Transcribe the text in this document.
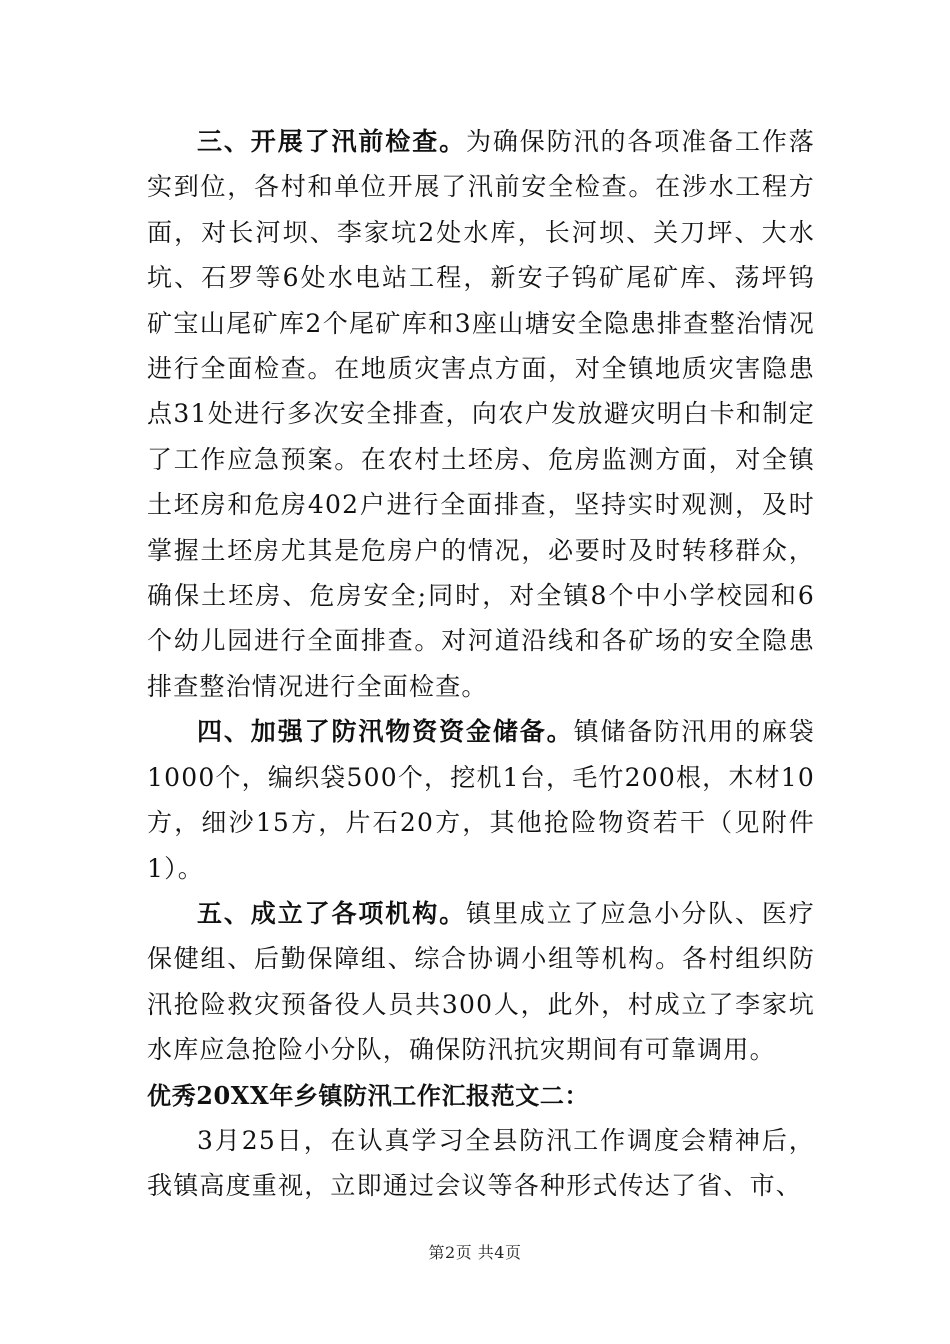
三、开展了汛前检查。为确保防汛的各项准备工作落实到位，各村和单位开展了汛前安全检查。在涉水工程方面，对长河坝、李家坑2处水库，长河坝、关刀坪、大水坑、石罗等6处水电站工程，新安子钨矿尾矿库、荡坪钨矿宝山尾矿库2个尾矿库和3座山塘安全隐患排查整治情况进行全面检查。在地质灾害点方面，对全镇地质灾害隐患点31处进行多次安全排查，向农户发放避灾明白卡和制定了工作应急预案。在农村土坯房、危房监测方面，对全镇土坯房和危房402户进行全面排查，坚持实时观测，及时掌握土坯房尤其是危房户的情况，必要时及时转移群众，确保土坯房、危房安全;同时，对全镇8个中小学校园和6个幼儿园进行全面排查。对河道沿线和各矿场的安全隐患排查整治情况进行全面检查。

四、加强了防汛物资资金储备。镇储备防汛用的麻袋1000个，编织袋500个，挖机1台，毛竹200根，木材10方，细沙15方，片石20方，其他抢险物资若干（见附件1）。

五、成立了各项机构。镇里成立了应急小分队、医疗保健组、后勤保障组、综合协调小组等机构。各村组织防汛抢险救灾预备役人员共300人，此外，村成立了李家坑水库应急抢险小分队，确保防汛抗灾期间有可靠调用。

优秀20XX年乡镇防汛工作汇报范文二：

3月25日，在认真学习全县防汛工作调度会精神后，我镇高度重视，立即通过会议等各种形式传达了省、市、

第2页 共4页
